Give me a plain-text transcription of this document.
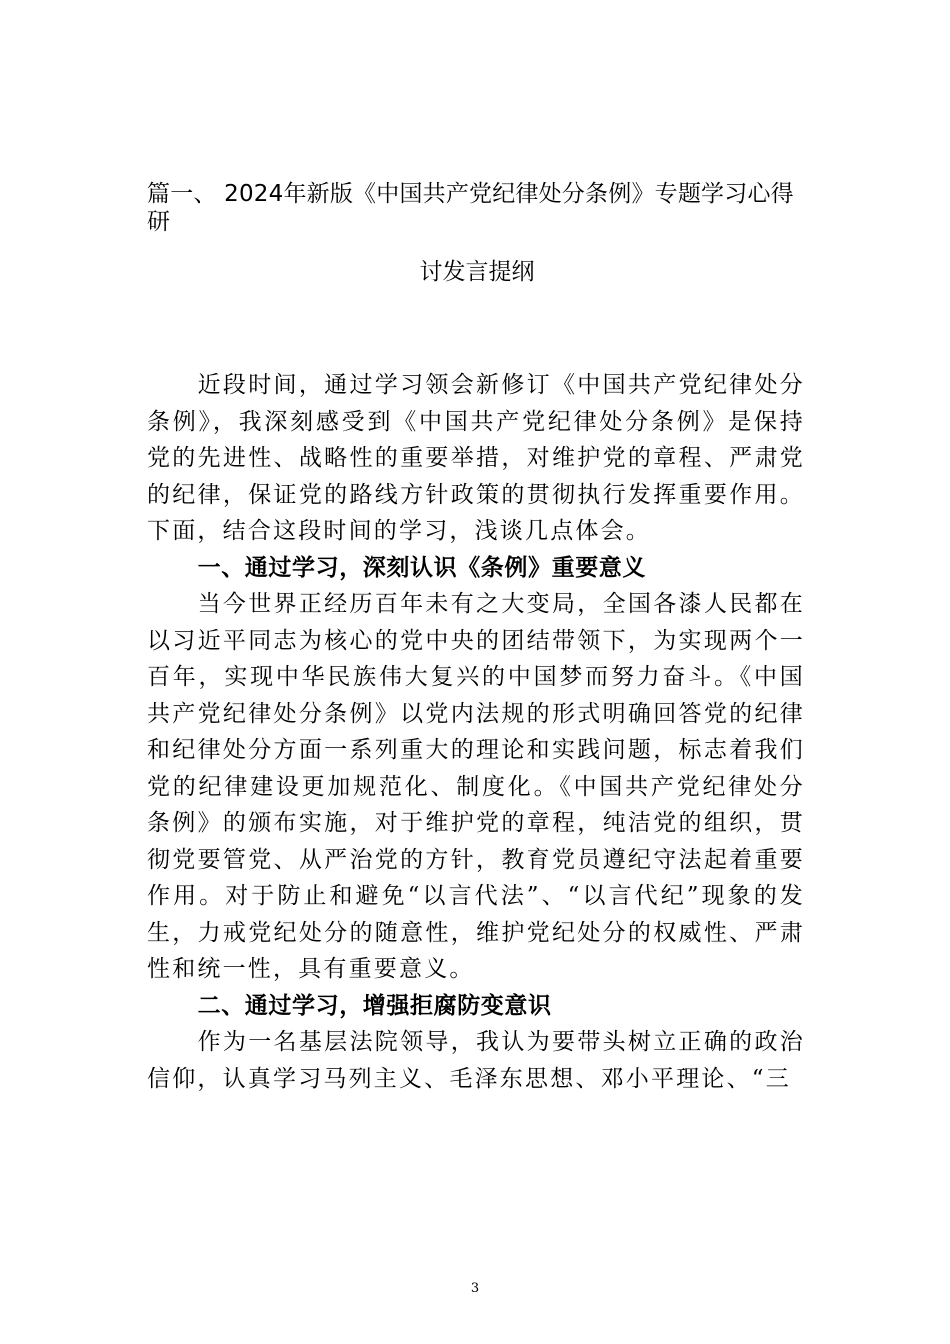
篇一、 2024年新版《中国共产党纪律处分条例》专题学习心得
研
讨发言提纲

近段时间，通过学习领会新修订《中国共产党纪律处分条例》，我深刻感受到《中国共产党纪律处分条例》是保持党的先进性、战略性的重要举措，对维护党的章程、严肃党的纪律，保证党的路线方针政策的贯彻执行发挥重要作用。下面，结合这段时间的学习，浅谈几点体会。

一、通过学习，深刻认识《条例》重要意义

当今世界正经历百年未有之大变局，全国各漆人民都在以习近平同志为核心的党中央的团结带领下，为实现两个一百年，实现中华民族伟大复兴的中国梦而努力奋斗。《中国共产党纪律处分条例》以党内法规的形式明确回答党的纪律和纪律处分方面一系列重大的理论和实践问题，标志着我们党的纪律建设更加规范化、制度化。《中国共产党纪律处分条例》的颁布实施，对于维护党的章程，纯洁党的组织，贯彻党要管党、从严治党的方针，教育党员遵纪守法起着重要作用。对于防止和避免“以言代法”、“以言代纪”现象的发生，力戒党纪处分的随意性，维护党纪处分的权威性、严肃性和统一性，具有重要意义。

二、通过学习，增强拒腐防变意识

作为一名基层法院领导，我认为要带头树立正确的政治信仰，认真学习马列主义、毛泽东思想、邓小平理论、“三

3
